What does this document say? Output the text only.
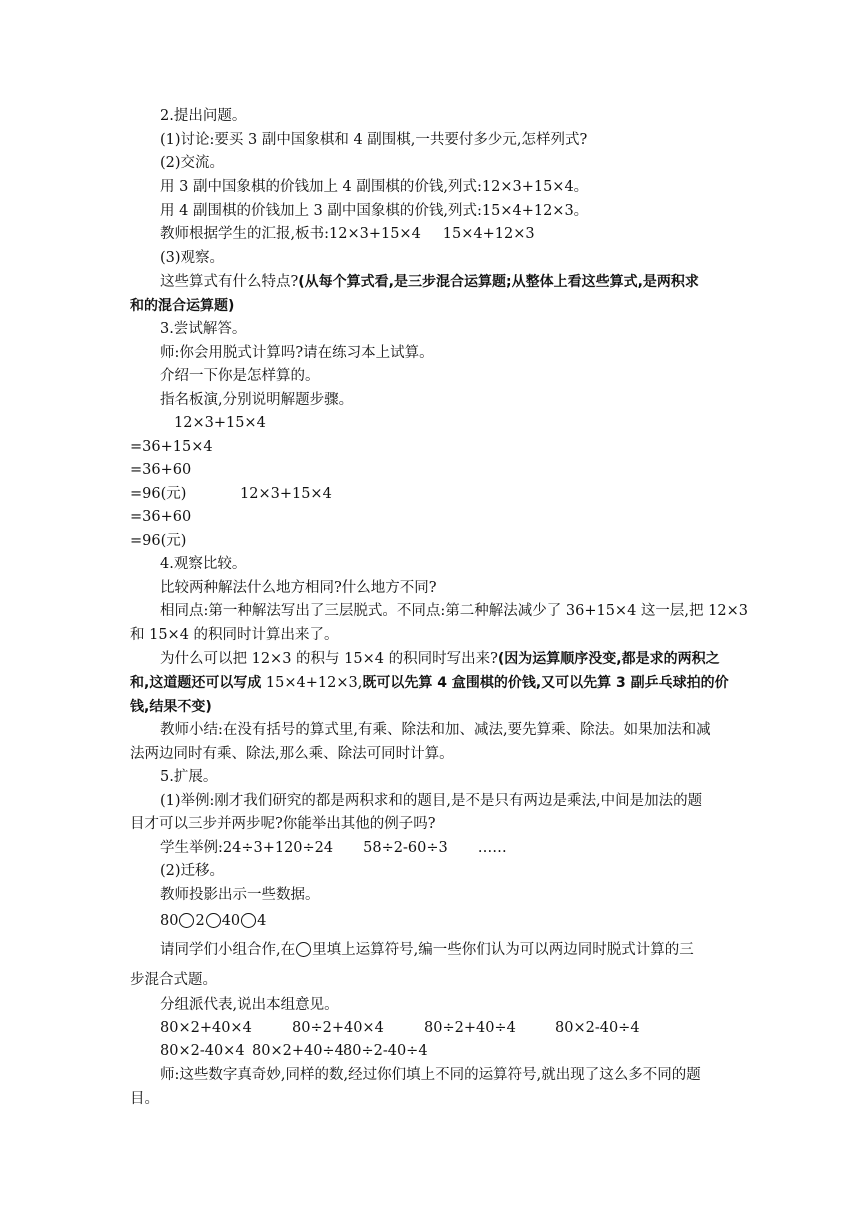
2.提出问题。
(1)讨论:要买 3 副中国象棋和 4 副围棋,一共要付多少元,怎样列式?
(2)交流。
用 3 副中国象棋的价钱加上 4 副围棋的价钱,列式:12×3+15×4。
用 4 副围棋的价钱加上 3 副中国象棋的价钱,列式:15×4+12×3。
教师根据学生的汇报,板书:12×3+15×4 15×4+12×3
(3)观察。
这些算式有什么特点?(从每个算式看,是三步混合运算题;从整体上看这些算式,是两积求
和的混合运算题)
3.尝试解答。
师:你会用脱式计算吗?请在练习本上试算。
介绍一下你是怎样算的。
指名板演,分别说明解题步骤。
12×3+15×4
=36+15×4
=36+60
=96(元)	12×3+15×4
=36+60
=96(元)
4.观察比较。
比较两种解法什么地方相同?什么地方不同?
相同点:第一种解法写出了三层脱式。不同点:第二种解法减少了 36+15×4 这一层,把 12×3
和 15×4 的积同时计算出来了。
为什么可以把 12×3 的积与 15×4 的积同时写出来?(因为运算顺序没变,都是求的两积之
和,这道题还可以写成 15×4+12×3,既可以先算 4 盒围棋的价钱,又可以先算 3 副乒乓球拍的价
钱,结果不变)
教师小结:在没有括号的算式里,有乘、除法和加、减法,要先算乘、除法。如果加法和减
法两边同时有乘、除法,那么乘、除法可同时计算。
5.扩展。
(1)举例:刚才我们研究的都是两积求和的题目,是不是只有两边是乘法,中间是加法的题
目才可以三步并两步呢?你能举出其他的例子吗?
学生举例:24÷3+120÷24 58÷2-60÷3 ……
(2)迁移。
教师投影出示一些数据。
80 2 40 4
请同学们小组合作,在 里填上运算符号,编一些你们认为可以两边同时脱式计算的三
步混合式题。
分组派代表,说出本组意见。
80×2+40×4	80÷2+40×4	80÷2+40÷4	80×2-40÷4
80×2-40×4 80×2+40÷4 80÷2-40÷4
师:这些数字真奇妙,同样的数,经过你们填上不同的运算符号,就出现了这么多不同的题
目。
